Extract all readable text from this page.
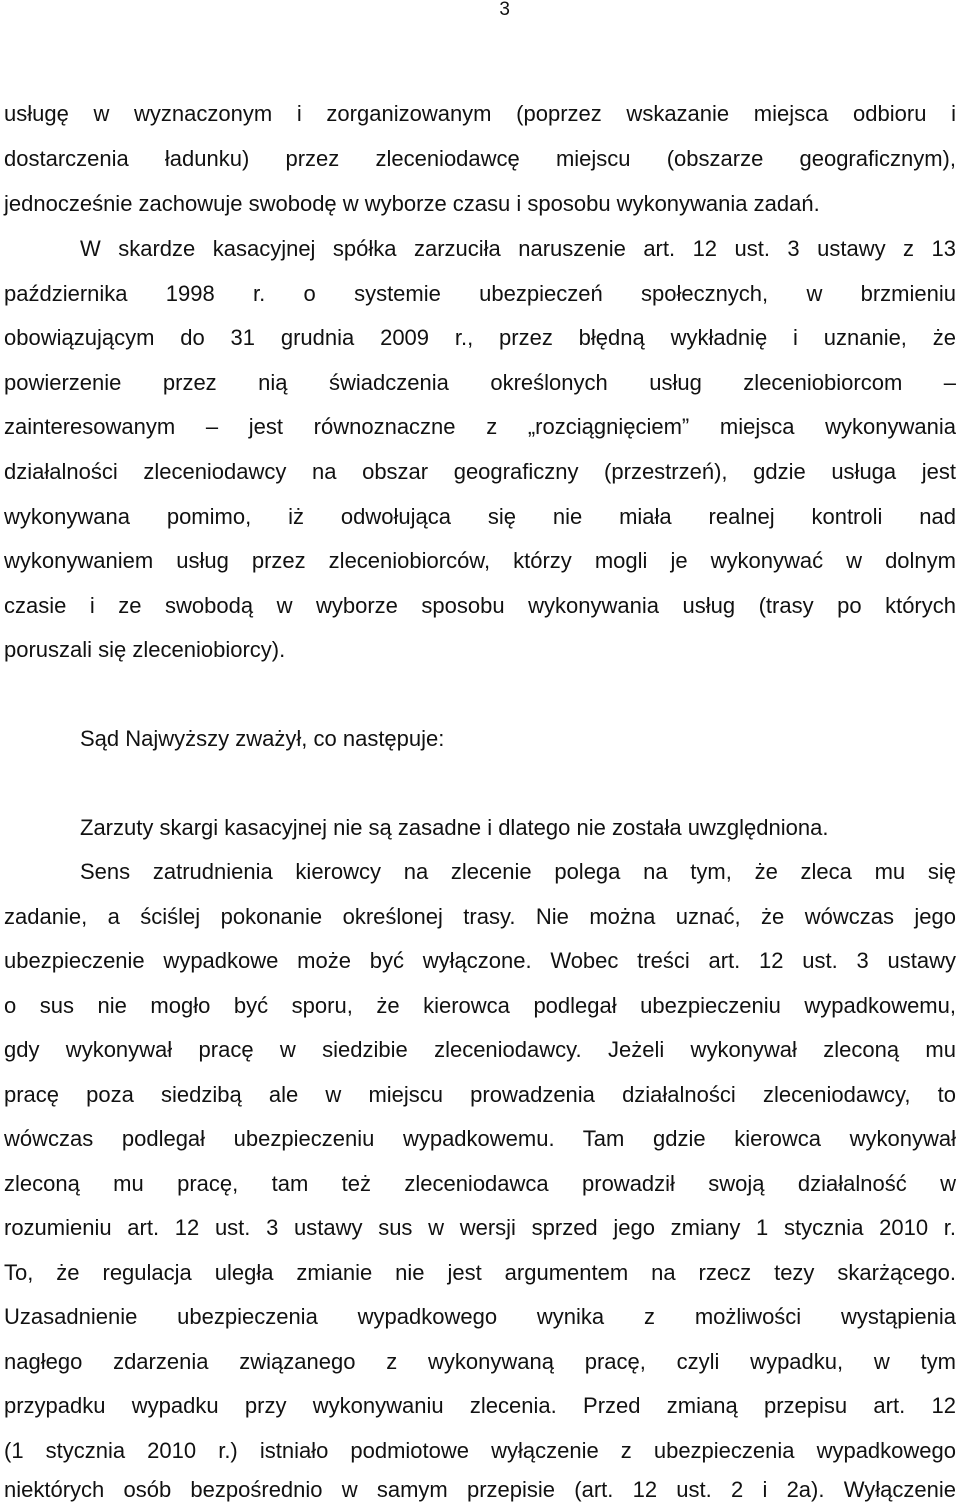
3
usługę w wyznaczonym i zorganizowanym (poprzez wskazanie miejsca odbioru i
dostarczenia ładunku) przez zleceniodawcę miejscu (obszarze geograficznym),
jednocześnie zachowuje swobodę w wyborze czasu i sposobu wykonywania zadań.
W skardze kasacyjnej spółka zarzuciła naruszenie art. 12 ust. 3 ustawy z 13
października 1998 r. o systemie ubezpieczeń społecznych, w brzmieniu
obowiązującym do 31 grudnia 2009 r., przez błędną wykładnię i uznanie, że
powierzenie przez nią świadczenia określonych usług zleceniobiorcom –
zainteresowanym – jest równoznaczne z „rozciągnięciem” miejsca wykonywania
działalności zleceniodawcy na obszar geograficzny (przestrzeń), gdzie usługa jest
wykonywana pomimo, iż odwołująca się nie miała realnej kontroli nad
wykonywaniem usług przez zleceniobiorców, którzy mogli je wykonywać w dolnym
czasie i ze swobodą w wyborze sposobu wykonywania usług (trasy po których
poruszali się zleceniobiorcy).
Sąd Najwyższy zważył, co następuje:
Zarzuty skargi kasacyjnej nie są zasadne i dlatego nie została uwzględniona.
Sens zatrudnienia kierowcy na zlecenie polega na tym, że zleca mu się
zadanie, a ściślej pokonanie określonej trasy. Nie można uznać, że wówczas jego
ubezpieczenie wypadkowe może być wyłączone. Wobec treści art. 12 ust. 3 ustawy
o sus nie mogło być sporu, że kierowca podlegał ubezpieczeniu wypadkowemu,
gdy wykonywał pracę w siedzibie zleceniodawcy. Jeżeli wykonywał zleconą mu
pracę poza siedzibą ale w miejscu prowadzenia działalności zleceniodawcy, to
wówczas podlegał ubezpieczeniu wypadkowemu. Tam gdzie kierowca wykonywał
zleconą mu pracę, tam też zleceniodawca prowadził swoją działalność w
rozumieniu art. 12 ust. 3 ustawy sus w wersji sprzed jego zmiany 1 stycznia 2010 r.
To, że regulacja uległa zmianie nie jest argumentem na rzecz tezy skarżącego.
Uzasadnienie ubezpieczenia wypadkowego wynika z możliwości wystąpienia
nagłego zdarzenia związanego z wykonywaną pracę, czyli wypadku, w tym
przypadku wypadku przy wykonywaniu zlecenia. Przed zmianą przepisu art. 12
(1 stycznia 2010 r.) istniało podmiotowe wyłączenie z ubezpieczenia wypadkowego
niektórych osób bezpośrednio w samym przepisie (art. 12 ust. 2 i 2a). Wyłączenie
